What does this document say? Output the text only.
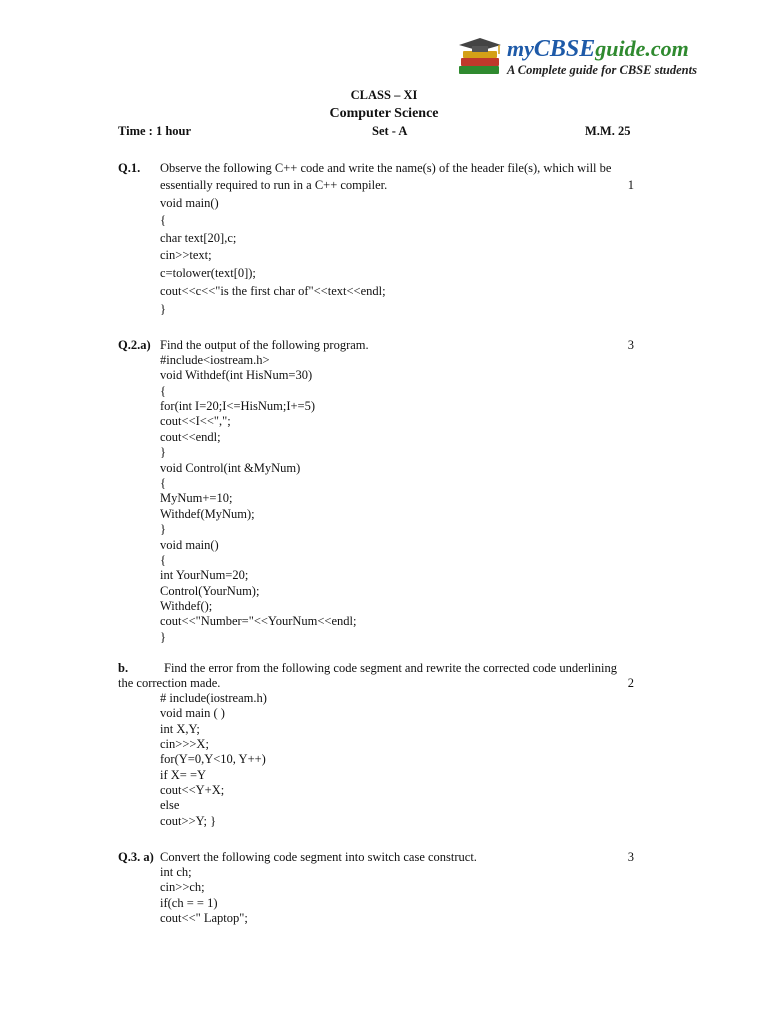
myCBSEguide.com
A Complete guide for CBSE students
CLASS – XI
Computer Science
Time : 1 hour	Set - A	M.M. 25
Q.1. Observe the following C++ code and write the name(s) of the header file(s), which will be
essentially required to run in a C++ compiler.	1
void main()
{
char text[20],c;
cin>>text;
c=tolower(text[0]);
cout<<c<<"is the first char of"<<text<<endl;
}
Q.2.a) Find the output of the following program.	3
#include<iostream.h>
void Withdef(int HisNum=30)
{
for(int I=20;I<=HisNum;I+=5)
cout<<I<<",";
cout<<endl;
}
void Control(int &MyNum)
{
MyNum+=10;
Withdef(MyNum);
}
void main()
{
int YourNum=20;
Control(YourNum);
Withdef();
cout<<"Number="<<YourNum<<endl;
}
b.	Find the error from the following code segment and rewrite the corrected code underlining
the correction made.	2
# include(iostream.h)
void main ( )
int X,Y;
cin>>>X;
for(Y=0,Y<10, Y++)
if X= =Y
cout<<Y+X;
else
cout>>Y; }
Q.3. a) Convert the following code segment into switch case construct.	3
int ch;
cin>>ch;
if(ch = = 1)
cout<<" Laptop";
